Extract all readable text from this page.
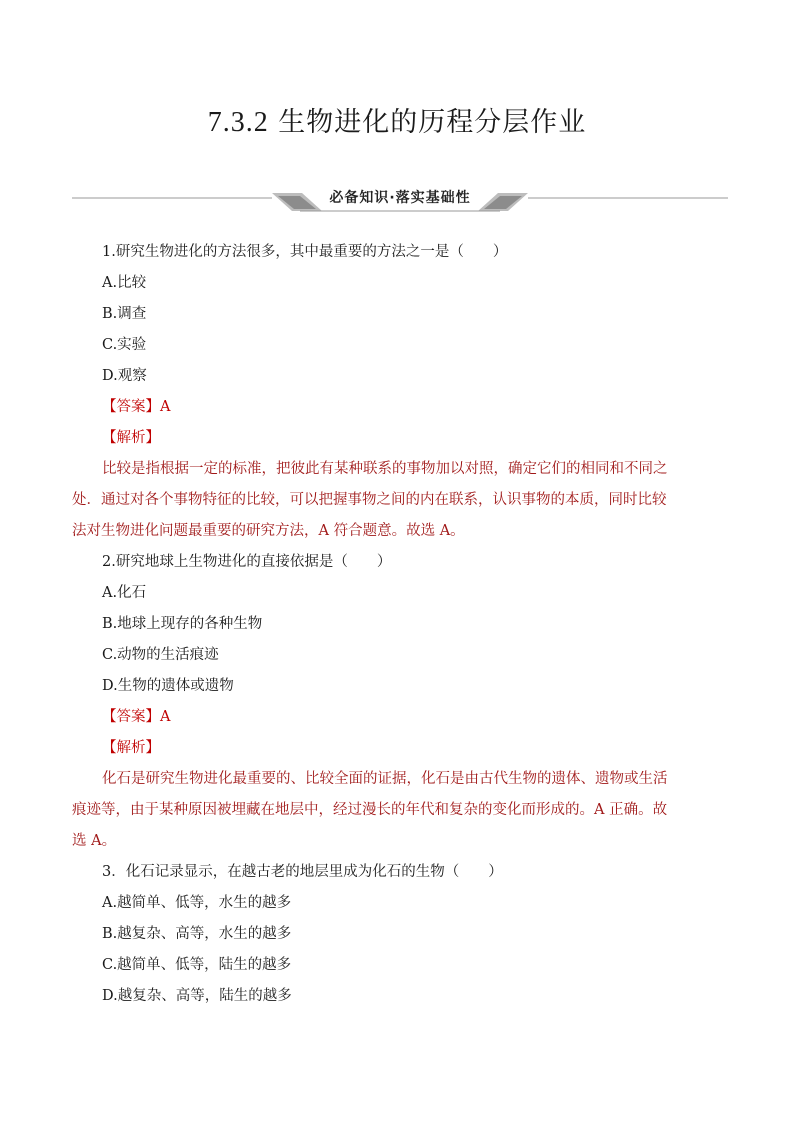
7.3.2 生物进化的历程分层作业
必备知识·落实基础性
1.研究生物进化的方法很多，其中最重要的方法之一是（　　）
A.比较
B.调查
C.实验
D.观察
【答案】A
【解析】
比较是指根据一定的标准，把彼此有某种联系的事物加以对照，确定它们的相同和不同之
处．通过对各个事物特征的比较，可以把握事物之间的内在联系，认识事物的本质，同时比较
法对生物进化问题最重要的研究方法，A 符合题意。故选 A。
2.研究地球上生物进化的直接依据是（　　）
A.化石
B.地球上现存的各种生物
C.动物的生活痕迹
D.生物的遗体或遗物
【答案】A
【解析】
化石是研究生物进化最重要的、比较全面的证据，化石是由古代生物的遗体、遗物或生活
痕迹等，由于某种原因被埋藏在地层中，经过漫长的年代和复杂的变化而形成的。A 正确。故
选 A。
3．化石记录显示，在越古老的地层里成为化石的生物（　　）
A.越简单、低等，水生的越多
B.越复杂、高等，水生的越多
C.越简单、低等，陆生的越多
D.越复杂、高等，陆生的越多
